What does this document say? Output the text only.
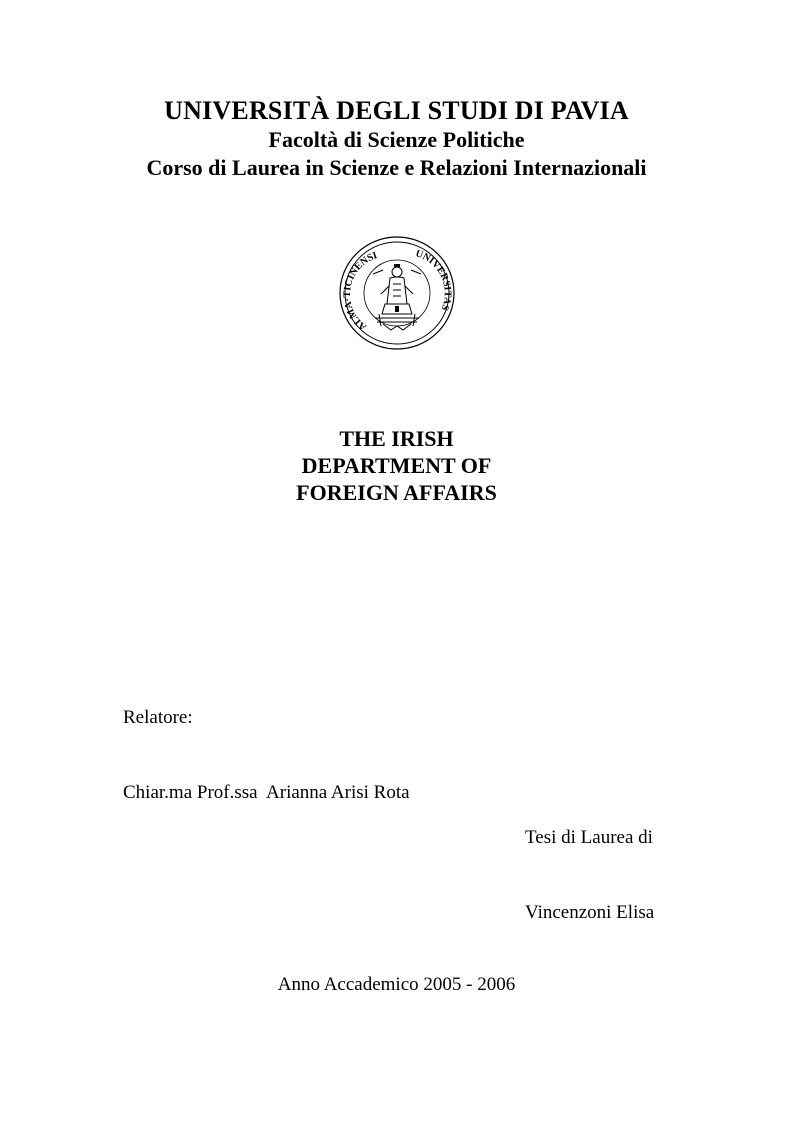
UNIVERSITÀ DEGLI STUDI DI PAVIA
Facoltà di Scienze Politiche
Corso di Laurea in Scienze e Relazioni Internazionali
ALMA·TICINENSI	UNIVERSITAS
THE IRISH
DEPARTMENT OF
FOREIGN AFFAIRS

Relatore:

Chiar.ma Prof.ssa  Arianna Arisi Rota

Tesi di Laurea di

Vincenzoni Elisa

Anno Accademico 2005 - 2006
